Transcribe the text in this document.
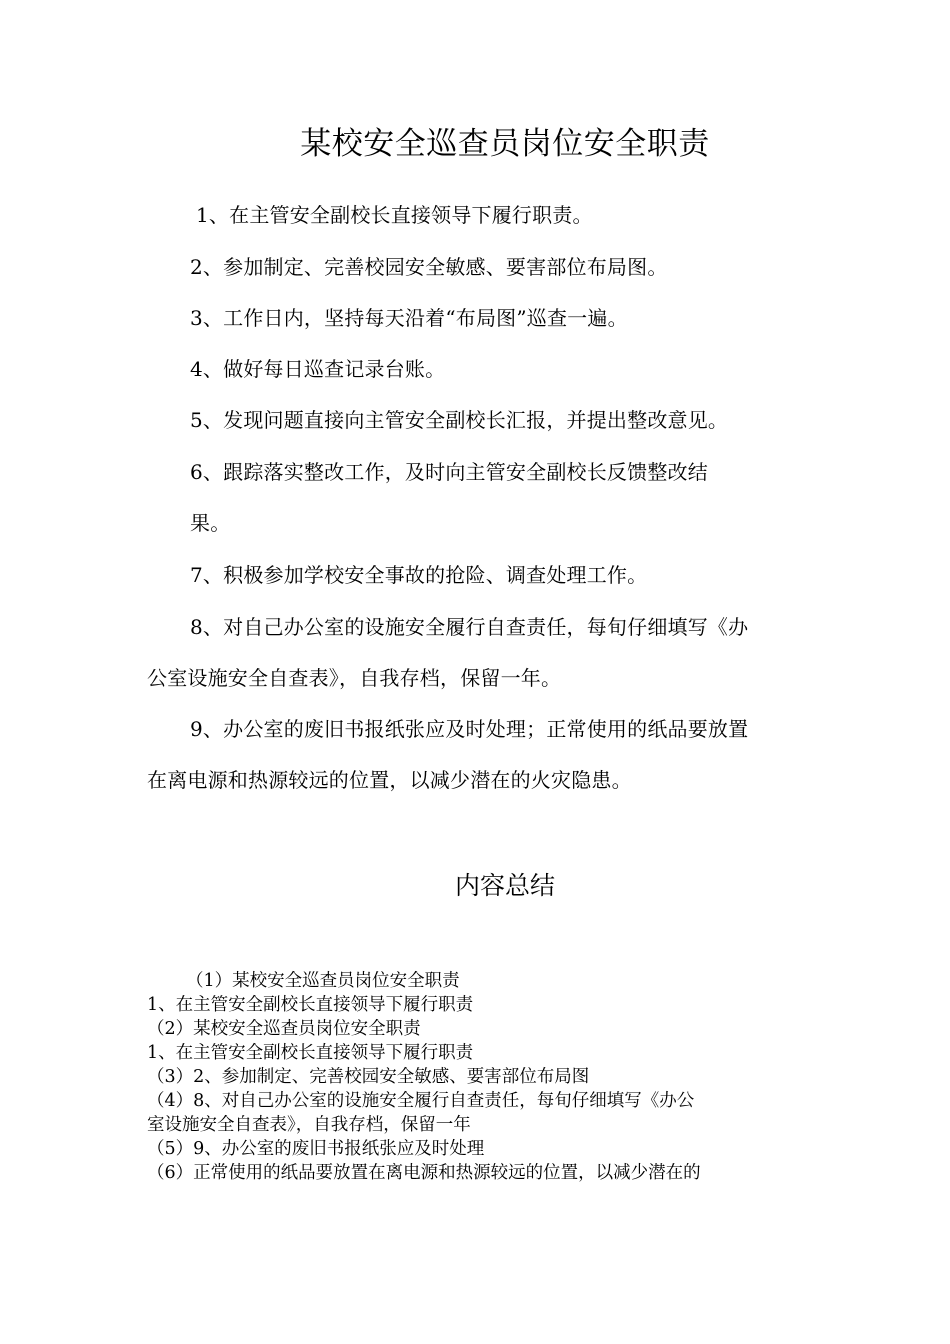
某校安全巡查员岗位安全职责
1、在主管安全副校长直接领导下履行职责。
2、参加制定、完善校园安全敏感、要害部位布局图。
3、工作日内，坚持每天沿着“布局图”巡查一遍。
4、做好每日巡查记录台账。
5、发现问题直接向主管安全副校长汇报，并提出整改意见。
6、跟踪落实整改工作，及时向主管安全副校长反馈整改结
果。
7、积极参加学校安全事故的抢险、调查处理工作。
8、对自己办公室的设施安全履行自查责任，每旬仔细填写《办
公室设施安全自查表》，自我存档，保留一年。
9、办公室的废旧书报纸张应及时处理；正常使用的纸品要放置
在离电源和热源较远的位置，以减少潜在的火灾隐患。
内容总结
（1）某校安全巡查员岗位安全职责
1、在主管安全副校长直接领导下履行职责
（2）某校安全巡查员岗位安全职责
1、在主管安全副校长直接领导下履行职责
（3）2、参加制定、完善校园安全敏感、要害部位布局图
（4）8、对自己办公室的设施安全履行自查责任，每旬仔细填写《办公
室设施安全自查表》，自我存档，保留一年
（5）9、办公室的废旧书报纸张应及时处理
（6）正常使用的纸品要放置在离电源和热源较远的位置，以减少潜在的
